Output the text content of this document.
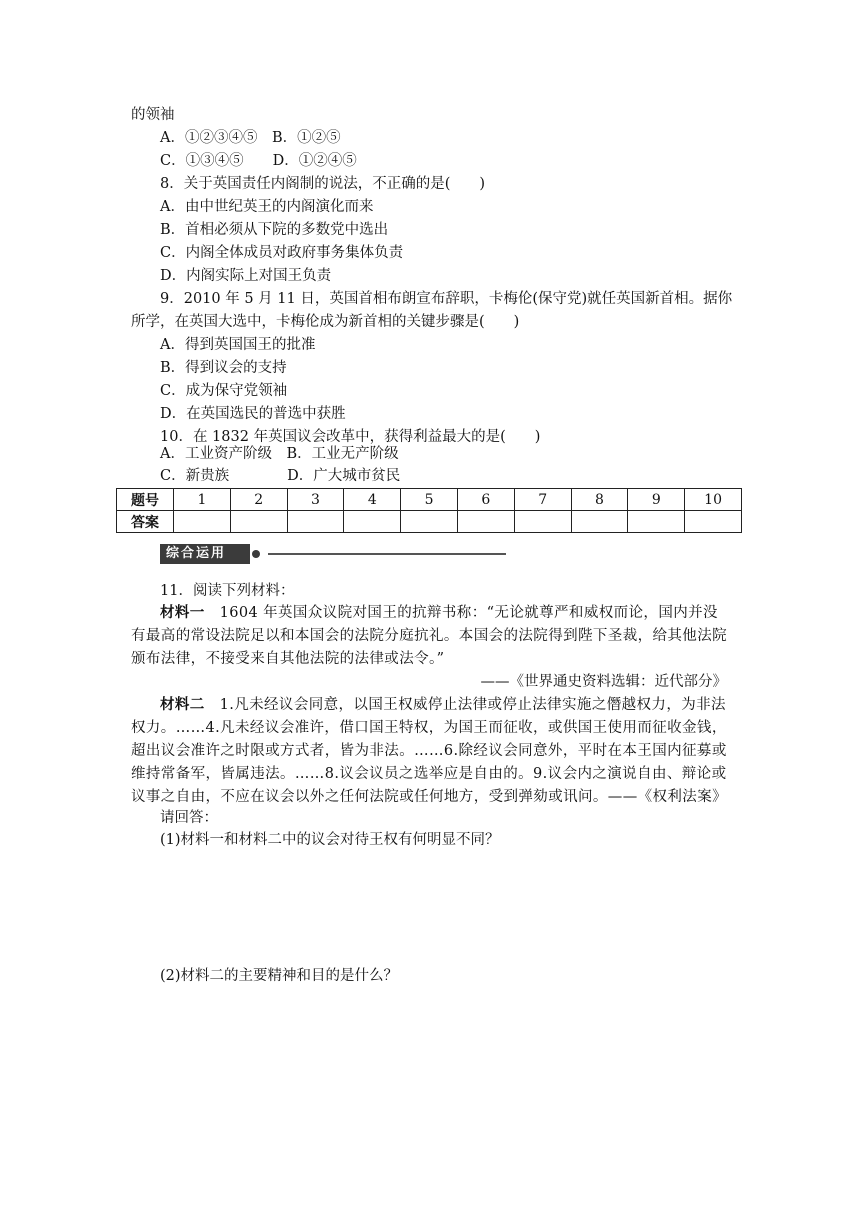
的领袖
A．①②③④⑤　B．①②⑤
C．①③④⑤　　D．①②④⑤
8．关于英国责任内阁制的说法，不正确的是(　　)
A．由中世纪英王的内阁演化而来
B．首相必须从下院的多数党中选出
C．内阁全体成员对政府事务集体负责
D．内阁实际上对国王负责
9．2010 年 5 月 11 日，英国首相布朗宣布辞职，卡梅伦(保守党)就任英国新首相。据你
所学，在英国大选中，卡梅伦成为新首相的关键步骤是(　　)
A．得到英国国王的批准
B．得到议会的支持
C．成为保守党领袖
D．在英国选民的普选中获胜
10．在 1832 年英国议会改革中，获得利益最大的是(　　)
A．工业资产阶级　B．工业无产阶级
C．新贵族　　　　D．广大城市贫民
题号	1	2	3	4	5	6	7	8	9	10
答案										
综合运用
11．阅读下列材料：
材料一　1604 年英国众议院对国王的抗辩书称：“无论就尊严和威权而论，国内并没
有最高的常设法院足以和本国会的法院分庭抗礼。本国会的法院得到陛下圣裁，给其他法院
颁布法律，不接受来自其他法院的法律或法令。”
——《世界通史资料选辑：近代部分》
材料二　1.凡未经议会同意，以国王权威停止法律或停止法律实施之僭越权力，为非法
权力。……4.凡未经议会准许，借口国王特权，为国王而征收，或供国王使用而征收金钱，
超出议会准许之时限或方式者，皆为非法。……6.除经议会同意外，平时在本王国内征募或
维持常备军，皆属违法。……8.议会议员之选举应是自由的。9.议会内之演说自由、辩论或
议事之自由，不应在议会以外之任何法院或任何地方，受到弹劾或讯问。——《权利法案》
请回答：
(1)材料一和材料二中的议会对待王权有何明显不同？
(2)材料二的主要精神和目的是什么？
